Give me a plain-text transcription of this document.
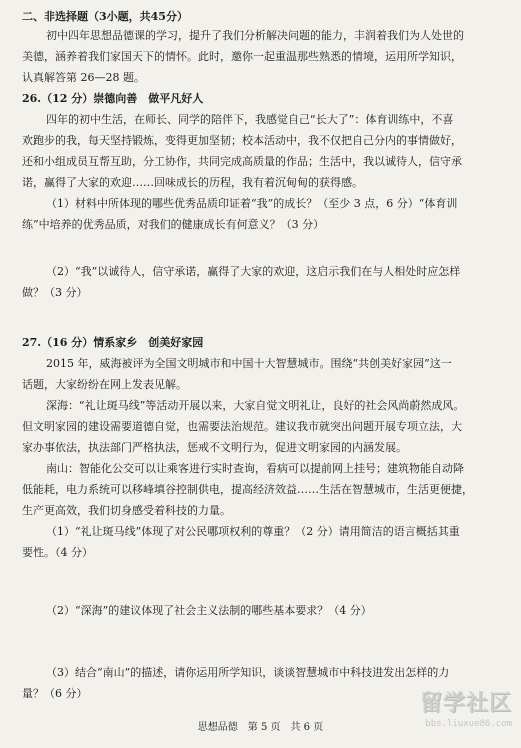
二、非选择题（3小题，共45分）
初中四年思想品德课的学习，提升了我们分析解决问题的能力，丰润着我们为人处世的
美德，涵养着我们家国天下的情怀。此时，邀你一起重温那些熟悉的情境，运用所学知识，
认真解答第 26—28 题。
26.（12 分）崇德向善　做平凡好人
四年的初中生活，在师长、同学的陪伴下，我感觉自己“长大了”：体育训练中，不喜
欢跑步的我，每天坚持锻炼，变得更加坚韧；校本活动中，我不仅把自己分内的事情做好，
还和小组成员互帮互助，分工协作，共同完成高质量的作品；生活中，我以诚待人，信守承
诺，赢得了大家的欢迎……回味成长的历程，我有着沉甸甸的获得感。
（1）材料中所体现的哪些优秀品质印证着“我”的成长？（至少 3 点，6 分）“体育训
练”中培养的优秀品质，对我们的健康成长有何意义？（3 分）
（2）“我”以诚待人，信守承诺，赢得了大家的欢迎，这启示我们在与人相处时应怎样
做？（3 分）
27.（16 分）情系家乡　创美好家园
2015 年，威海被评为全国文明城市和中国十大智慧城市。围绕“共创美好家园”这一
话题，大家纷纷在网上发表见解。
深海：“礼让斑马线”等活动开展以来，大家自觉文明礼让，良好的社会风尚蔚然成风。
但文明家园的建设需要道德自觉，也需要法治规范。建议我市就突出问题开展专项立法，大
家办事依法，执法部门严格执法，惩戒不文明行为，促进文明家园的内涵发展。
南山：智能化公交可以让乘客进行实时查询，看病可以提前网上挂号；建筑物能自动降
低能耗，电力系统可以移峰填谷控制供电，提高经济效益……生活在智慧城市，生活更便捷，
生产更高效，我们切身感受着科技的力量。
（1）“礼让斑马线”体现了对公民哪项权利的尊重？（2 分）请用简洁的语言概括其重
要性。（4 分）
（2）“深海”的建议体现了社会主义法制的哪些基本要求？（4 分）
（3）结合“南山”的描述，请你运用所学知识，谈谈智慧城市中科技进发出怎样的力
量？（6 分）
思想品德　第 5 页　共 6 页
留学社区
bbs.liuxue86.com
